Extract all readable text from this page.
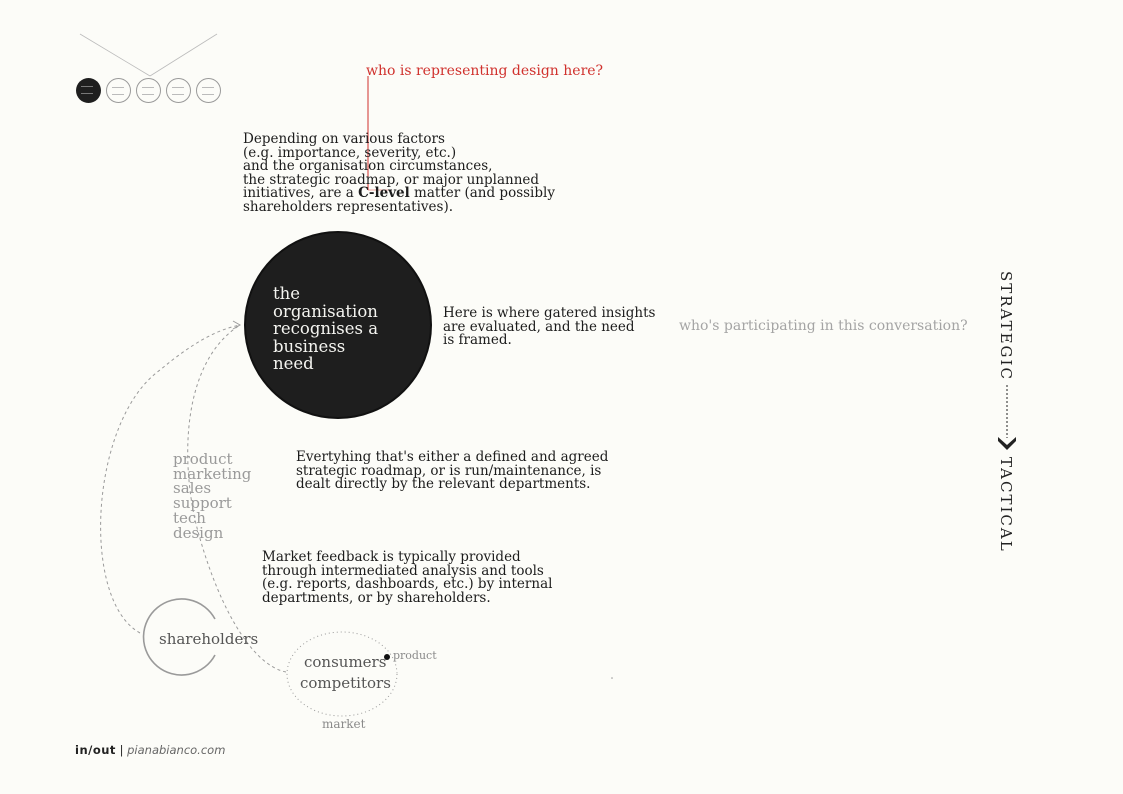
who is representing design here?
Depending on various factors
(e.g. importance, severity, etc.)
and the organisation circumstances,
the strategic roadmap, or major unplanned
initiatives, are a C-level matter (and possibly
shareholders representatives).
the
organisation
recognises a
business
need
Here is where gatered insights
are evaluated, and the need
is framed.
who's participating in this conversation?
product
marketing
sales
support
tech
design
Evertyhing that's either a defined and agreed
strategic roadmap, or is run/maintenance, is
dealt directly by the relevant departments.
Market feedback is typically provided
through intermediated analysis and tools
(e.g. reports, dashboards, etc.) by internal
departments, or by shareholders.
shareholders
consumers
competitors
product
market
STRATEGIC
TACTICAL
in/out | pianabianco.com
